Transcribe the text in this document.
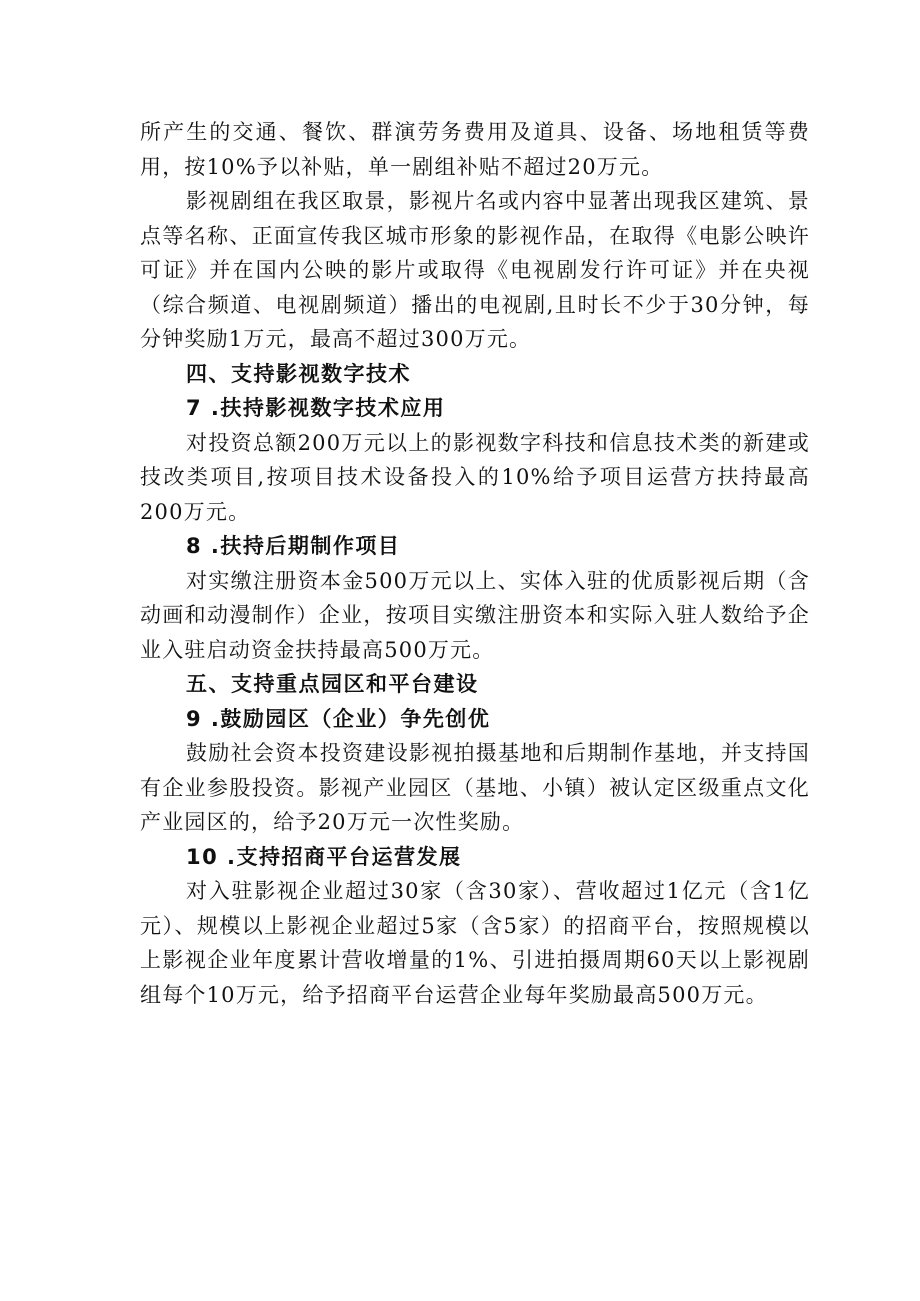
所产生的交通、餐饮、群演劳务费用及道具、设备、场地租赁等费用，按10%予以补贴，单一剧组补贴不超过20万元。

影视剧组在我区取景，影视片名或内容中显著出现我区建筑、景点等名称、正面宣传我区城市形象的影视作品，在取得《电影公映许可证》并在国内公映的影片或取得《电视剧发行许可证》并在央视（综合频道、电视剧频道）播出的电视剧,且时长不少于30分钟，每分钟奖励1万元，最高不超过300万元。

四、支持影视数字技术

7 .扶持影视数字技术应用

对投资总额200万元以上的影视数字科技和信息技术类的新建或技改类项目,按项目技术设备投入的10%给予项目运营方扶持最高200万元。

8 .扶持后期制作项目

对实缴注册资本金500万元以上、实体入驻的优质影视后期（含动画和动漫制作）企业，按项目实缴注册资本和实际入驻人数给予企业入驻启动资金扶持最高500万元。

五、支持重点园区和平台建设

9 .鼓励园区（企业）争先创优

鼓励社会资本投资建设影视拍摄基地和后期制作基地，并支持国有企业参股投资。影视产业园区（基地、小镇）被认定区级重点文化产业园区的，给予20万元一次性奖励。

10 .支持招商平台运营发展

对入驻影视企业超过30家（含30家）、营收超过1亿元（含1亿元）、规模以上影视企业超过5家（含5家）的招商平台，按照规模以上影视企业年度累计营收增量的1%、引进拍摄周期60天以上影视剧组每个10万元，给予招商平台运营企业每年奖励最高500万元。
